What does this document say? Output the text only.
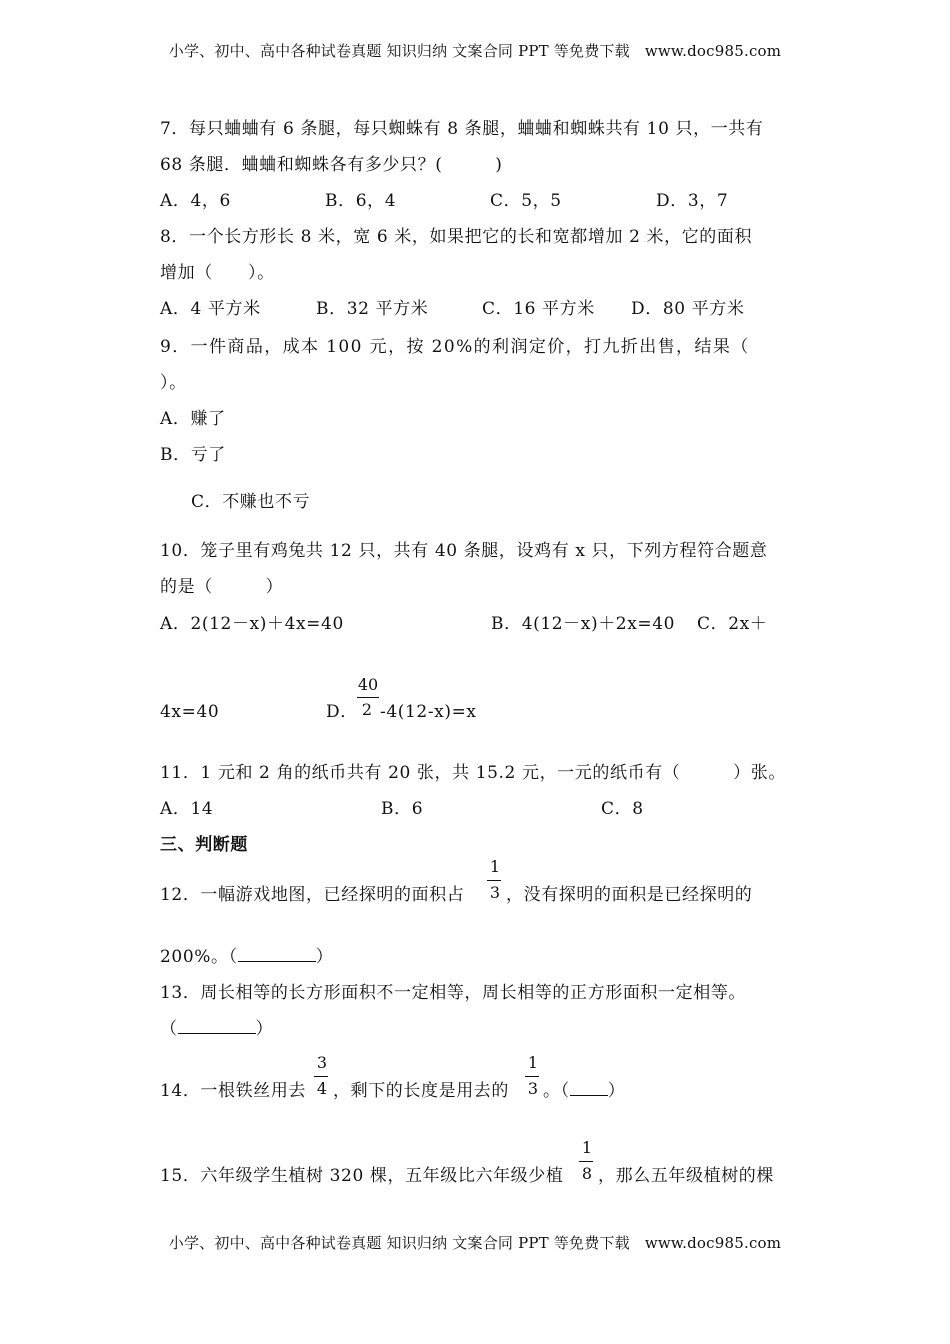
小学、初中、高中各种试卷真题 知识归纳 文案合同 PPT 等免费下载 www.doc985.com
7．每只蛐蛐有 6 条腿，每只蜘蛛有 8 条腿，蛐蛐和蜘蛛共有 10 只，一共有
68 条腿．蛐蛐和蜘蛛各有多少只？(　　　)
A．4，6	B．6，4	C．5，5	D．3，7
8．一个长方形长 8 米，宽 6 米，如果把它的长和宽都增加 2 米，它的面积
增加（　　）。
A．4 平方米	B．32 平方米	C．16 平方米 D．80 平方米
9．一件商品，成本 100 元，按 20%的利润定价，打九折出售，结果（
）。
A．赚了
B．亏了
C．不赚也不亏
10．笼子里有鸡兔共 12 只，共有 40 条腿，设鸡有 x 只，下列方程符合题意
的是（　　　）
A．2(12－x)＋4x=40	B．4(12－x)＋2x=40 C．2x＋
4x=40	D．
40
2 -4(12-x)=x
11．1 元和 2 角的纸币共有 20 张，共 15.2 元，一元的纸币有（　　　）张。
A．14	B．6	C．8
三、判断题
12．一幅游戏地图，已经探明的面积占
1
3 ，没有探明的面积是已经探明的
200%。（	）
13．周长相等的长方形面积不一定相等，周长相等的正方形面积一定相等。
（	）
14．一根铁丝用去
3
4 ，剩下的长度是用去的
1
3 。（ ）
15．六年级学生植树 320 棵，五年级比六年级少植
1
8 ，那么五年级植树的棵
小学、初中、高中各种试卷真题 知识归纳 文案合同 PPT 等免费下载 www.doc985.com
